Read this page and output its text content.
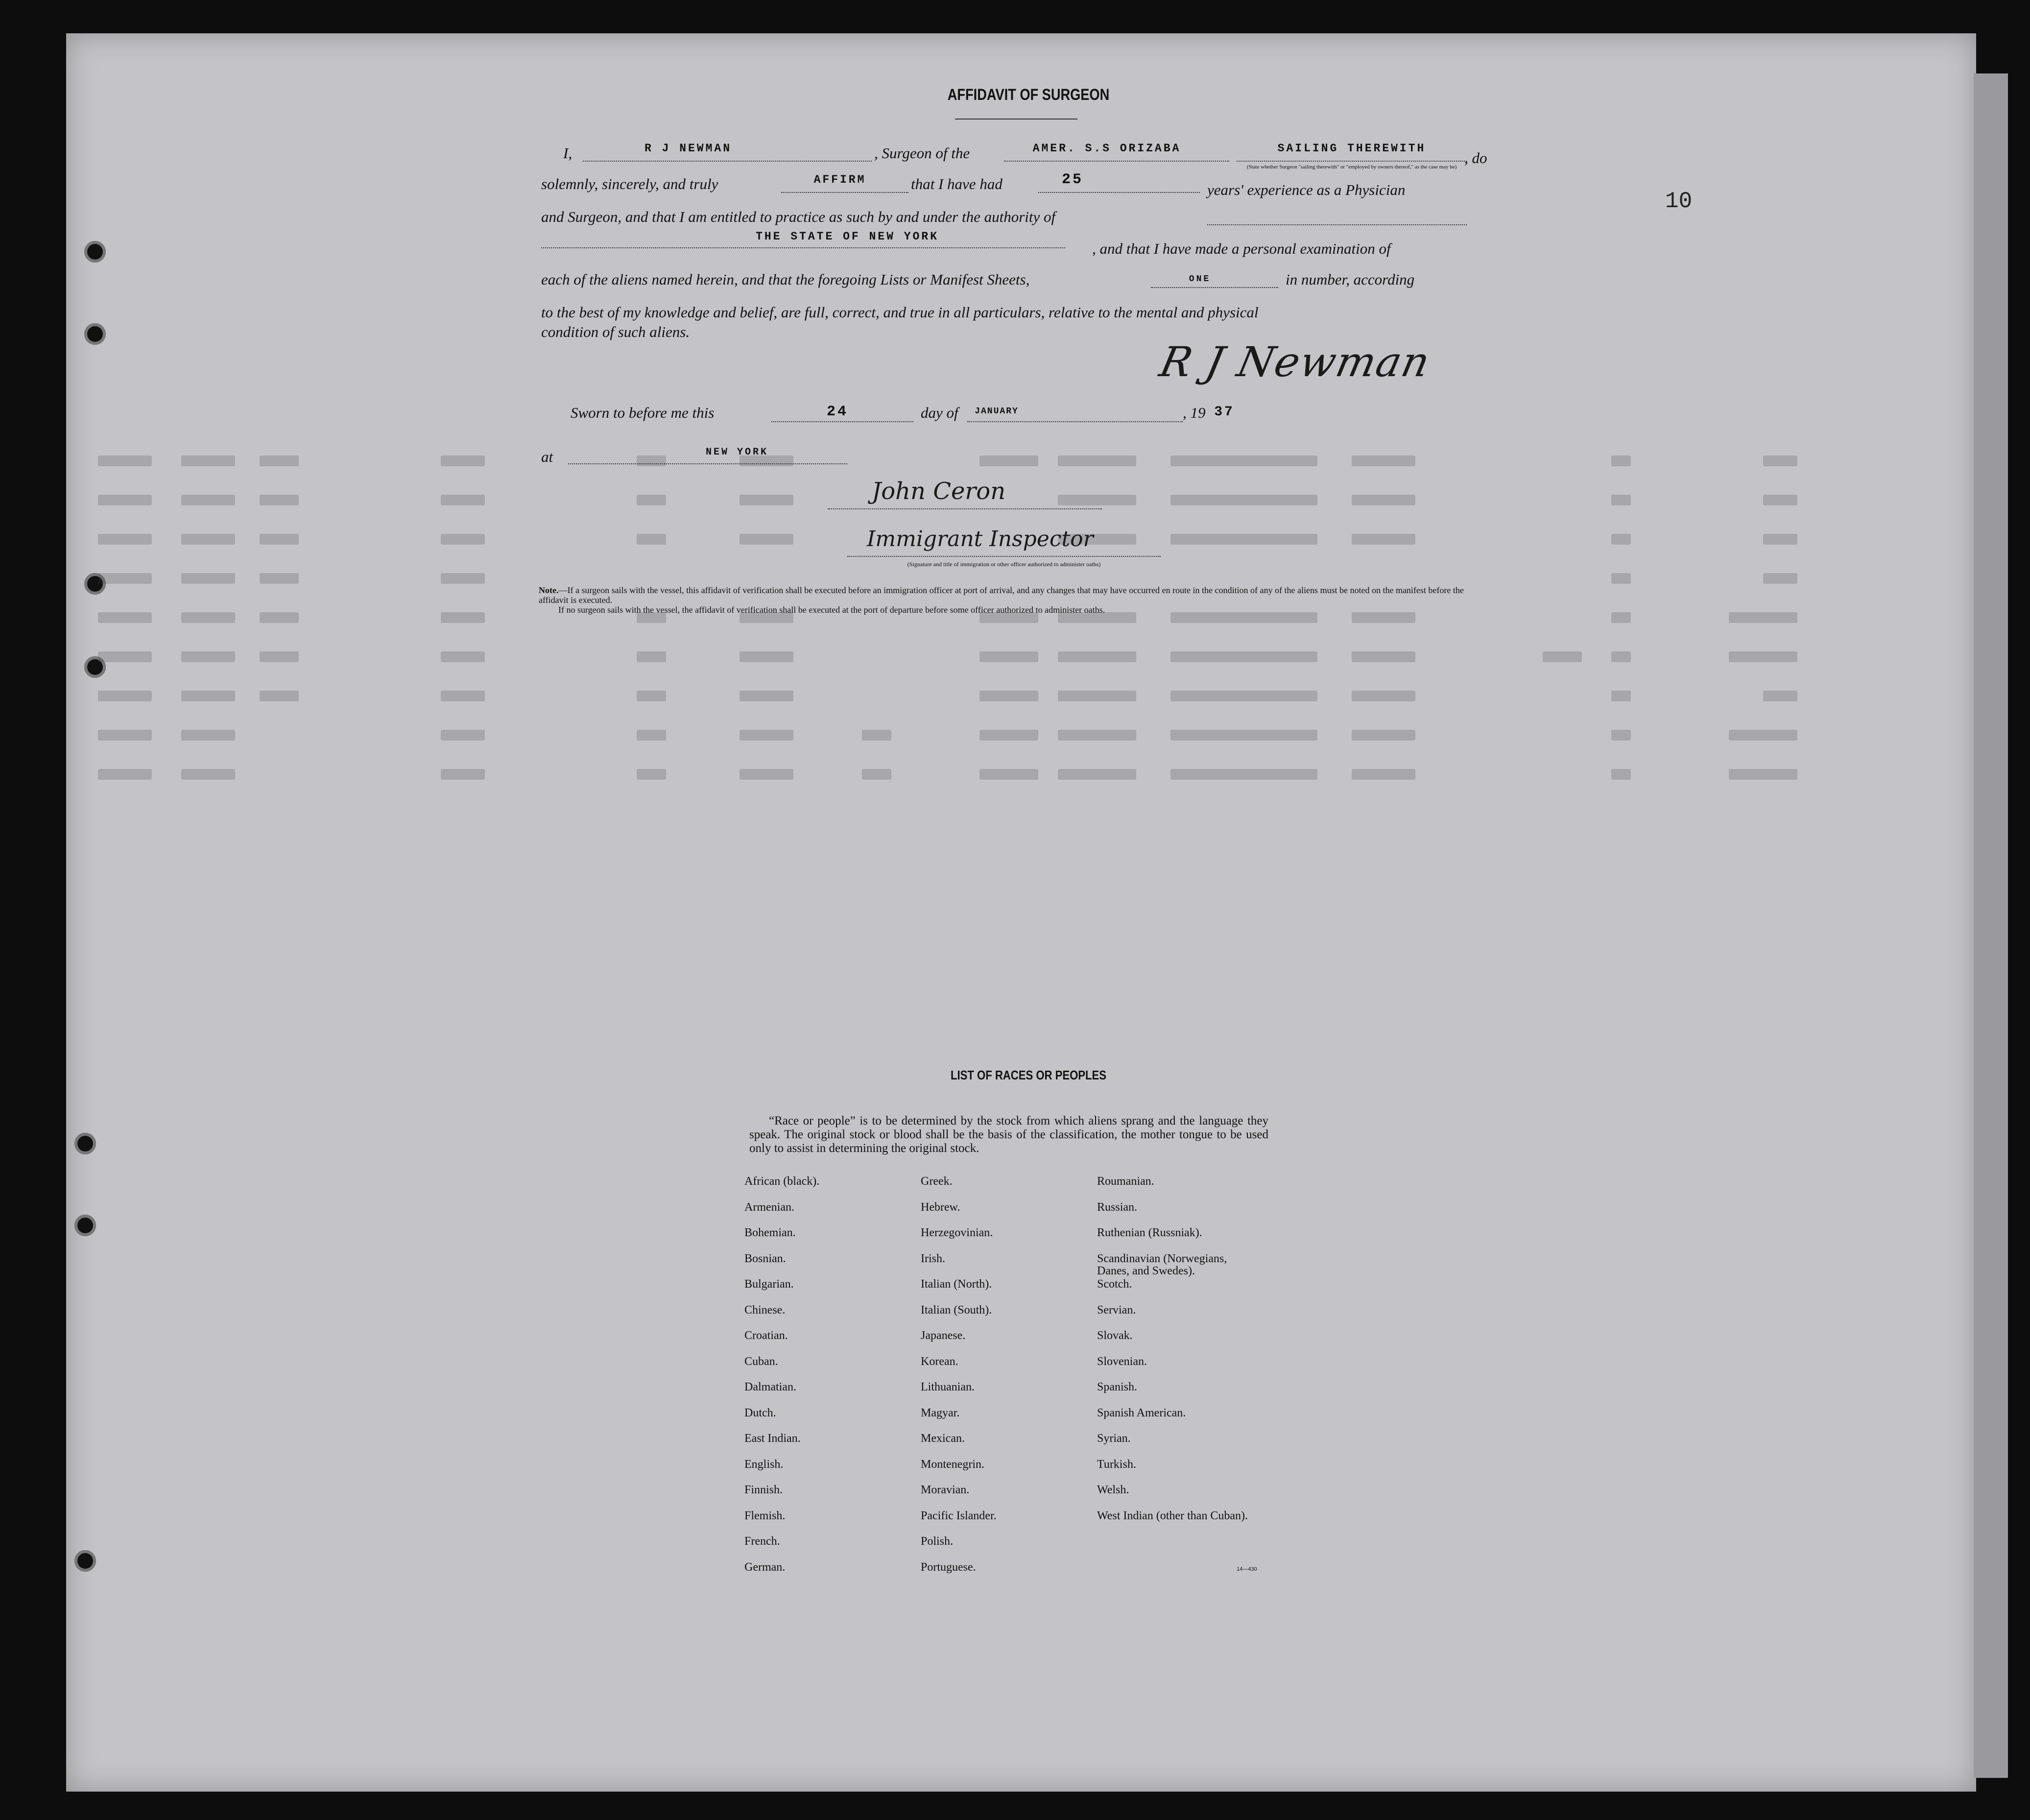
10
AFFIDAVIT OF SURGEON
I,	R J NEWMAN	, Surgeon of the	AMER. S.S ORIZABA	SAILING THEREWITH
(State whether Surgeon "sailing therewith" or "employed by owners thereof," as the case may be)
, do
solemnly, sincerely, and truly	AFFIRM	that I have had	25
years' experience as a Physician
and Surgeon, and that I am entitled to practice as such by and under the authority of
THE STATE OF NEW YORK
, and that I have made a personal examination of
each of the aliens named herein, and that the foregoing Lists or Manifest Sheets,	ONE	in number, according
to the best of my knowledge and belief, are full, correct, and true in all particulars, relative to the mental and physical
condition of such aliens.
R J Newman
Sworn to before me this	24	day of	JANUARY	, 19 37
at	NEW YORK
John Ceron
Immigrant Inspector
(Signature and title of immigration or other officer authorized to administer oaths)
Note.—If a surgeon sails with the vessel, this affidavit of verification shall be executed before an immigration officer at port of arrival, and any changes that may have occurred en route in the condition of any of the aliens must be noted on the manifest before the affidavit is executed.
If no surgeon sails with the vessel, the affidavit of verification shall be executed at the port of departure before some officer authorized to administer oaths.
LIST OF RACES OR PEOPLES
“Race or people” is to be determined by the stock from which aliens sprang and the language they speak. The original stock or blood shall be the basis of the classification, the mother tongue to be used only to assist in determining the original stock.
African (black).
Armenian.
Bohemian.
Bosnian.
Bulgarian.
Chinese.
Croatian.
Cuban.
Dalmatian.
Dutch.
East Indian.
English.
Finnish.
Flemish.
French.
German.
Greek.
Hebrew.
Herzegovinian.
Irish.
Italian (North).
Italian (South).
Japanese.
Korean.
Lithuanian.
Magyar.
Mexican.
Montenegrin.
Moravian.
Pacific Islander.
Polish.
Portuguese.
Roumanian.
Russian.
Ruthenian (Russniak).
Scandinavian (Norwegians, Danes, and Swedes).
Scotch.
Servian.
Slovak.
Slovenian.
Spanish.
Spanish American.
Syrian.
Turkish.
Welsh.
West Indian (other than Cuban).
14—430
